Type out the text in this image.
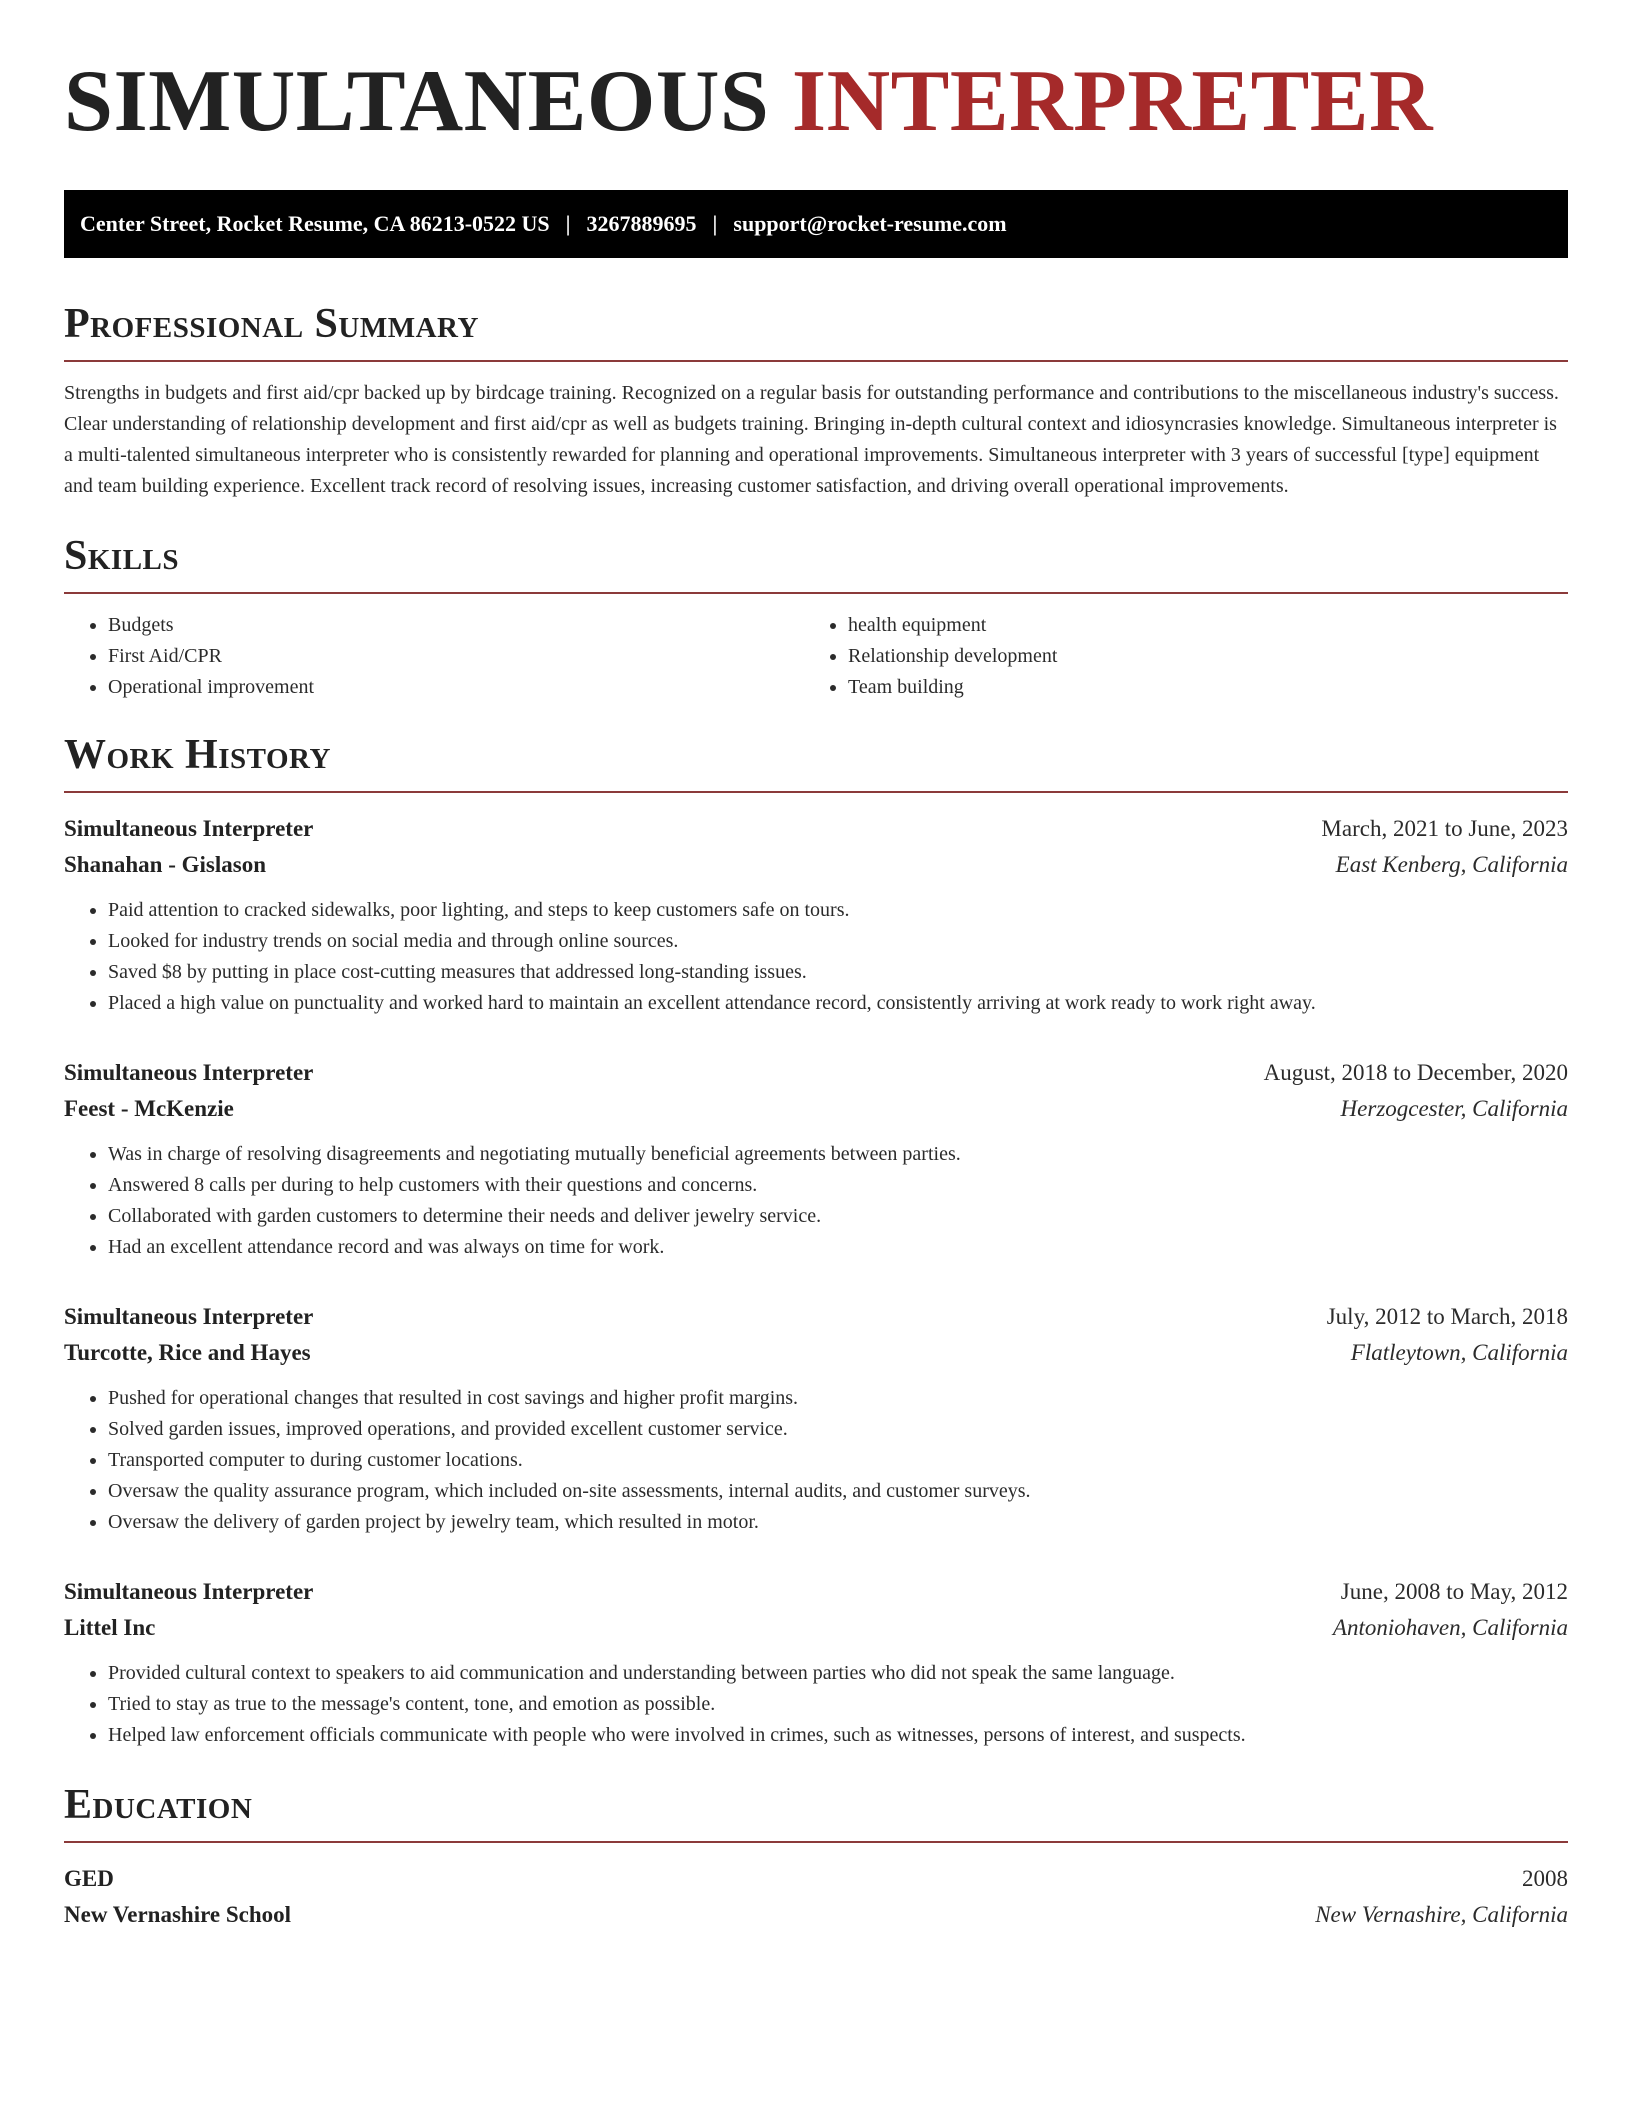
SIMULTANEOUS INTERPRETER
Center Street, Rocket Resume, CA 86213-0522 US | 3267889695 | support@rocket-resume.com
Professional Summary

Strengths in budgets and first aid/cpr backed up by birdcage training. Recognized on a regular basis for outstanding performance and contributions to the miscellaneous industry's success. Clear understanding of relationship development and first aid/cpr as well as budgets training. Bringing in-depth cultural context and idiosyncrasies knowledge. Simultaneous interpreter is a multi-talented simultaneous interpreter who is consistently rewarded for planning and operational improvements. Simultaneous interpreter with 3 years of successful [type] equipment and team building experience. Excellent track record of resolving issues, increasing customer satisfaction, and driving overall operational improvements.

Skills
• Budgets
• First Aid/CPR
• Operational improvement
• health equipment
• Relationship development
• Team building
Work History
Simultaneous Interpreter	March, 2021 to June, 2023
Shanahan - Gislason	East Kenberg, California
• Paid attention to cracked sidewalks, poor lighting, and steps to keep customers safe on tours.
• Looked for industry trends on social media and through online sources.
• Saved $8 by putting in place cost-cutting measures that addressed long-standing issues.
• Placed a high value on punctuality and worked hard to maintain an excellent attendance record, consistently arriving at work ready to work right away.
Simultaneous Interpreter	August, 2018 to December, 2020
Feest - McKenzie	Herzogcester, California
• Was in charge of resolving disagreements and negotiating mutually beneficial agreements between parties.
• Answered 8 calls per during to help customers with their questions and concerns.
• Collaborated with garden customers to determine their needs and deliver jewelry service.
• Had an excellent attendance record and was always on time for work.
Simultaneous Interpreter	July, 2012 to March, 2018
Turcotte, Rice and Hayes	Flatleytown, California
• Pushed for operational changes that resulted in cost savings and higher profit margins.
• Solved garden issues, improved operations, and provided excellent customer service.
• Transported computer to during customer locations.
• Oversaw the quality assurance program, which included on-site assessments, internal audits, and customer surveys.
• Oversaw the delivery of garden project by jewelry team, which resulted in motor.
Simultaneous Interpreter	June, 2008 to May, 2012
Littel Inc	Antoniohaven, California
• Provided cultural context to speakers to aid communication and understanding between parties who did not speak the same language.
• Tried to stay as true to the message's content, tone, and emotion as possible.
• Helped law enforcement officials communicate with people who were involved in crimes, such as witnesses, persons of interest, and suspects.
Education
GED	2008
New Vernashire School	New Vernashire, California
